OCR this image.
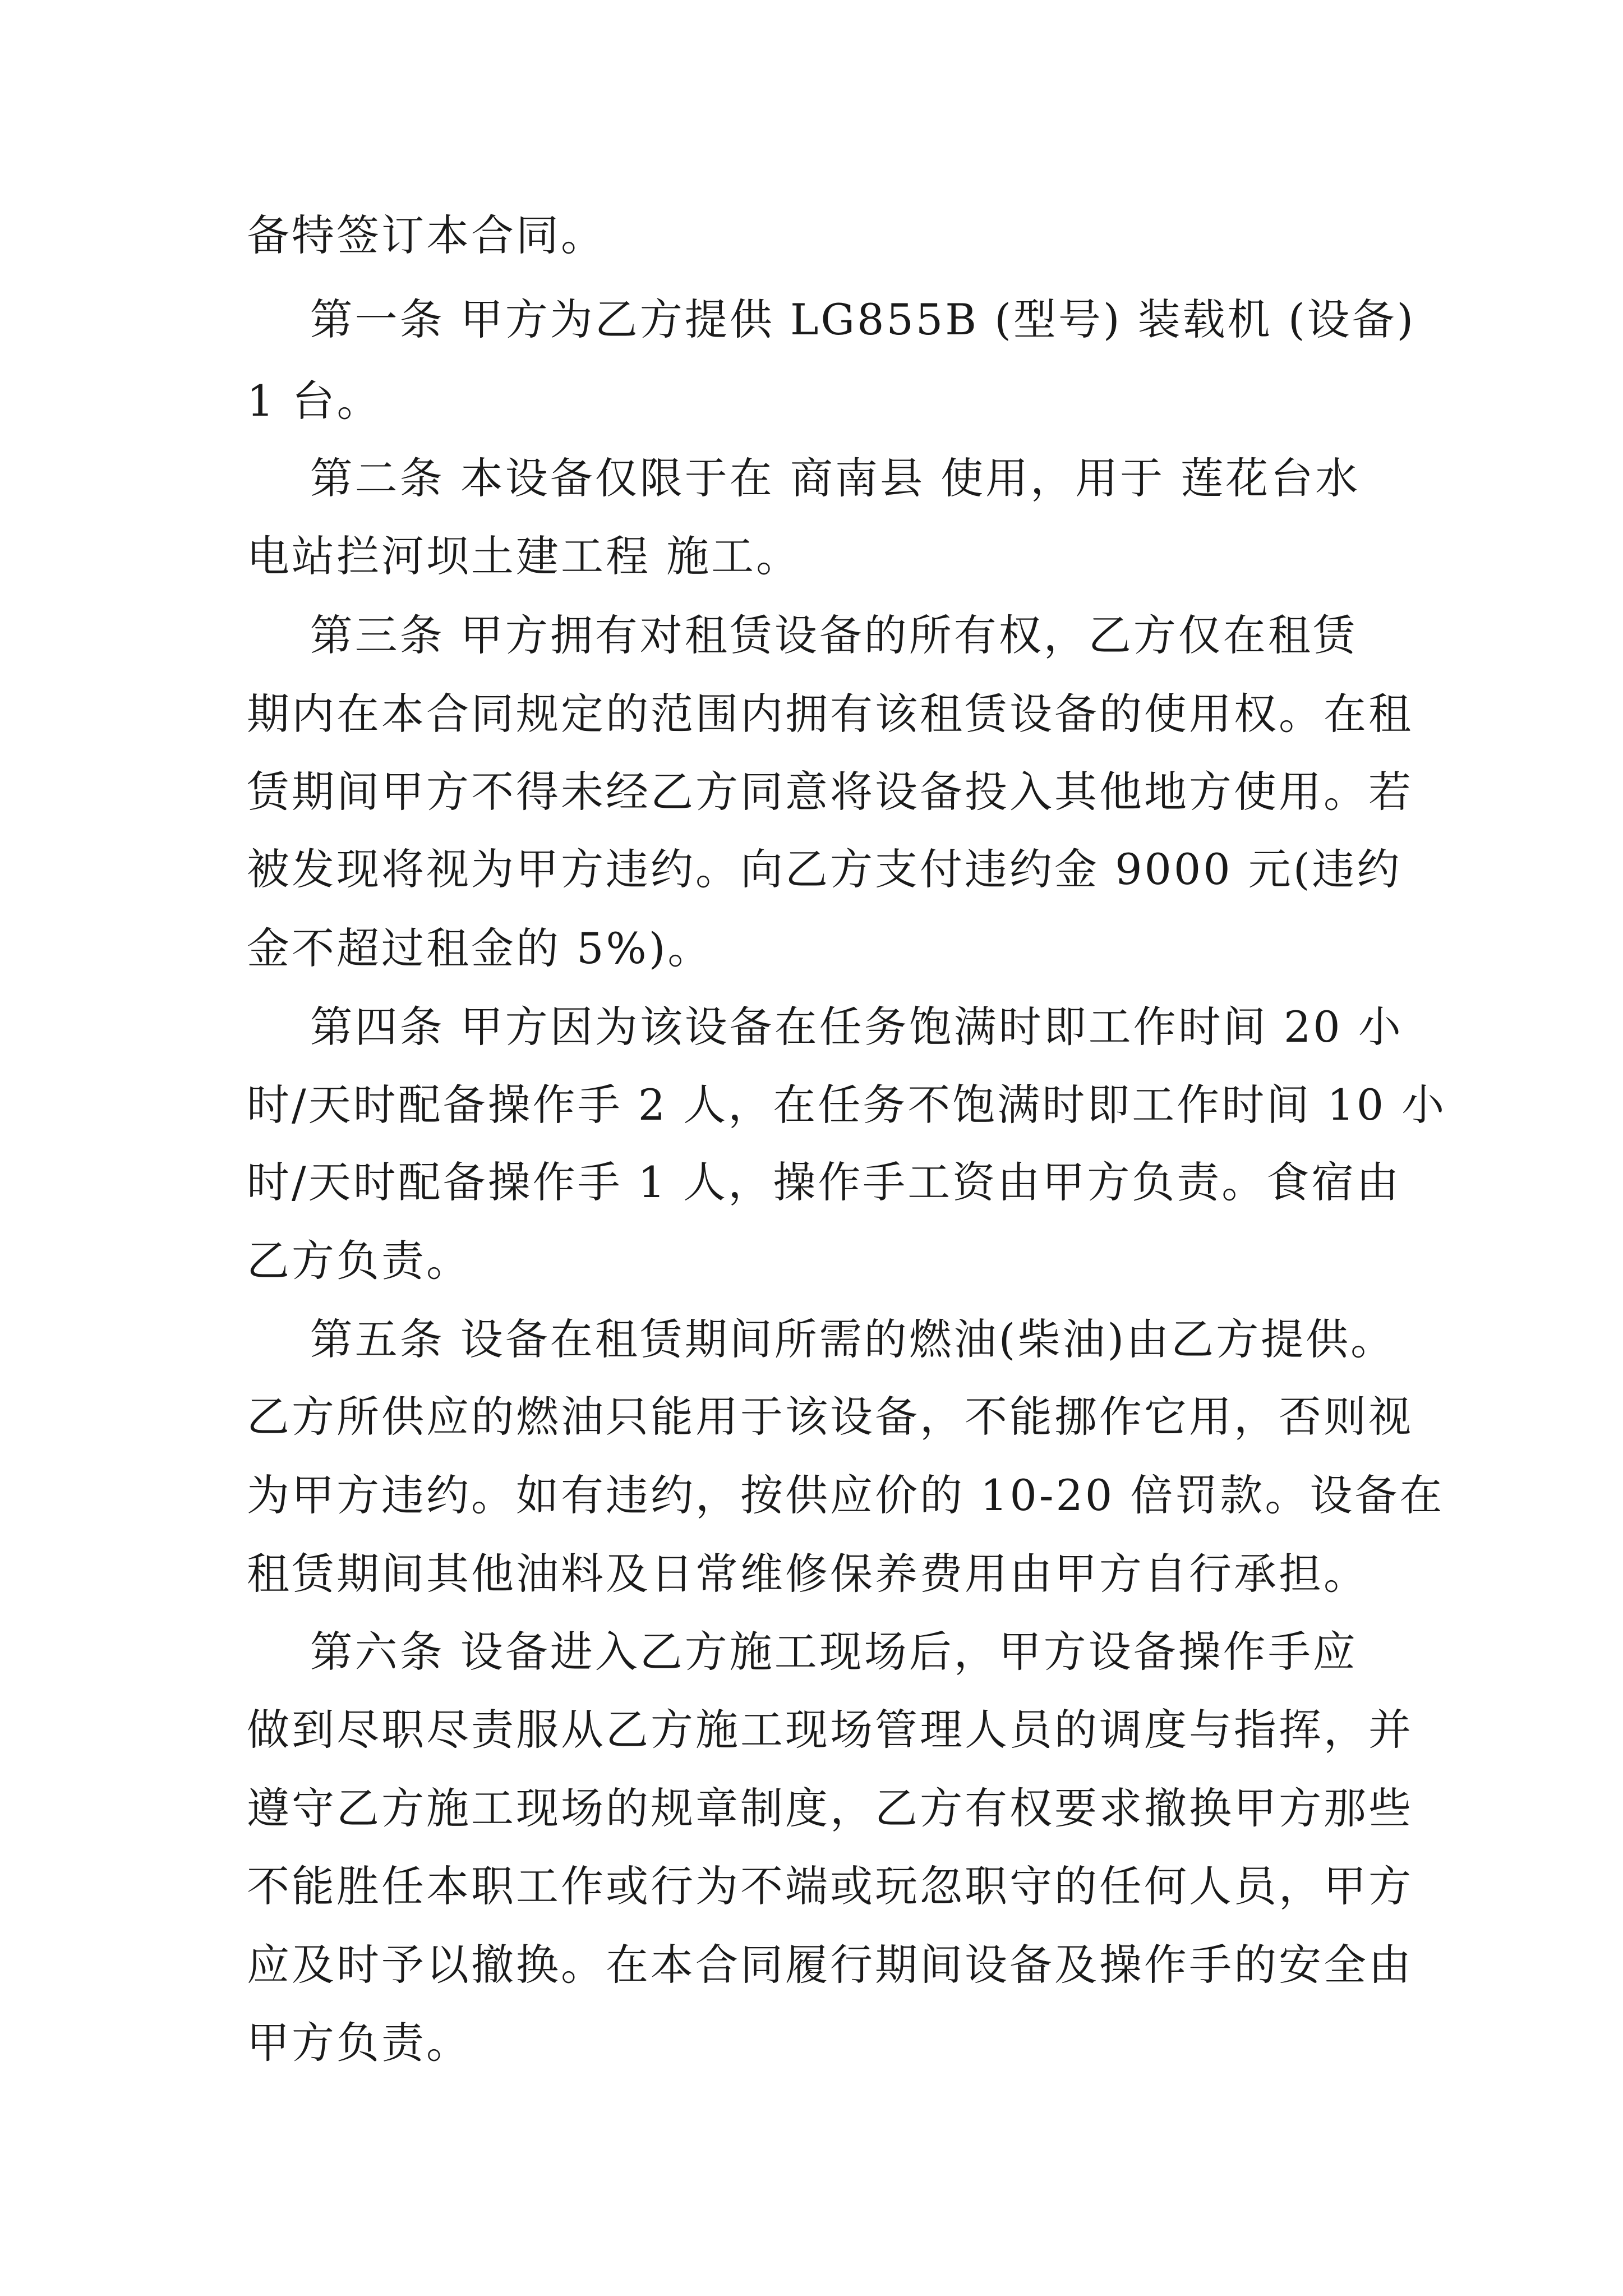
备特签订本合同。
第一条 甲方为乙方提供 LG855B (型号) 装载机 (设备)
1 台。
第二条 本设备仅限于在 商南县 使用，用于 莲花台水
电站拦河坝土建工程 施工。
第三条 甲方拥有对租赁设备的所有权，乙方仅在租赁
期内在本合同规定的范围内拥有该租赁设备的使用权。在租
赁期间甲方不得未经乙方同意将设备投入其他地方使用。若
被发现将视为甲方违约。向乙方支付违约金 9000 元(违约
金不超过租金的 5%)。
第四条 甲方因为该设备在任务饱满时即工作时间 20 小
时/天时配备操作手 2 人，在任务不饱满时即工作时间 10 小
时/天时配备操作手 1 人，操作手工资由甲方负责。食宿由
乙方负责。
第五条 设备在租赁期间所需的燃油(柴油)由乙方提供。
乙方所供应的燃油只能用于该设备，不能挪作它用，否则视
为甲方违约。如有违约，按供应价的 10-20 倍罚款。设备在
租赁期间其他油料及日常维修保养费用由甲方自行承担。
第六条 设备进入乙方施工现场后，甲方设备操作手应
做到尽职尽责服从乙方施工现场管理人员的调度与指挥，并
遵守乙方施工现场的规章制度，乙方有权要求撤换甲方那些
不能胜任本职工作或行为不端或玩忽职守的任何人员，甲方
应及时予以撤换。在本合同履行期间设备及操作手的安全由
甲方负责。
